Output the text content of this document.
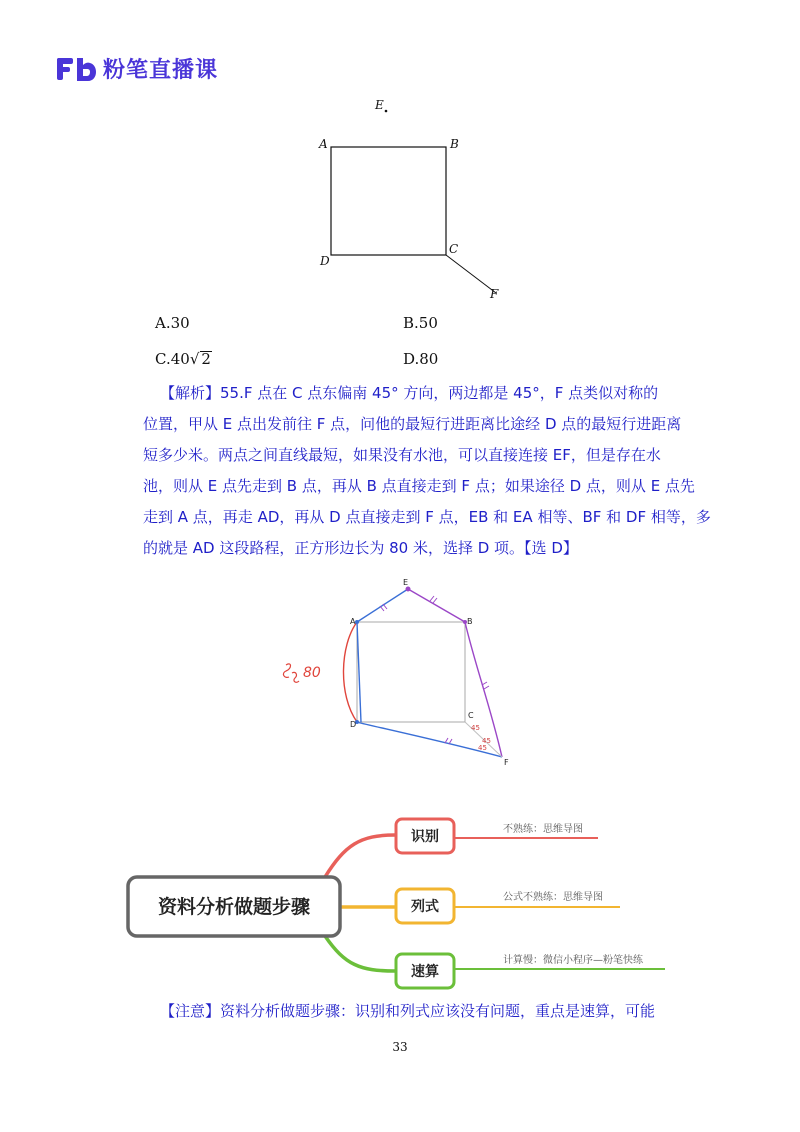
粉笔直播课
E
A	B
C
D
F
A.30	B.50
C.40√ 2	D.80
【解析】55.F 点在 C 点东偏南 45° 方向，两边都是 45°，F 点类似对称的
位置，甲从 E 点出发前往 F 点，问他的最短行进距离比途经 D 点的最短行进距离
短多少米。两点之间直线最短，如果没有水池，可以直接连接 EF，但是存在水
池，则从 E 点先走到 B 点，再从 B 点直接走到 F 点；如果途径 D 点，则从 E 点先
走到 A 点，再走 AD，再从 D 点直接走到 F 点，EB 和 EA 相等、BF 和 DF 相等，多
的就是 AD 这段路程，正方形边长为 80 米，选择 D 项。【选 D】
E
A	B
C
D
F
45
45
45
80
资料分析做题步骤
识别	不熟练：思维导图
列式
公式不熟练：思维导图
速算
计算慢：微信小程序—粉笔快练
【注意】资料分析做题步骤：识别和列式应该没有问题，重点是速算，可能
33
